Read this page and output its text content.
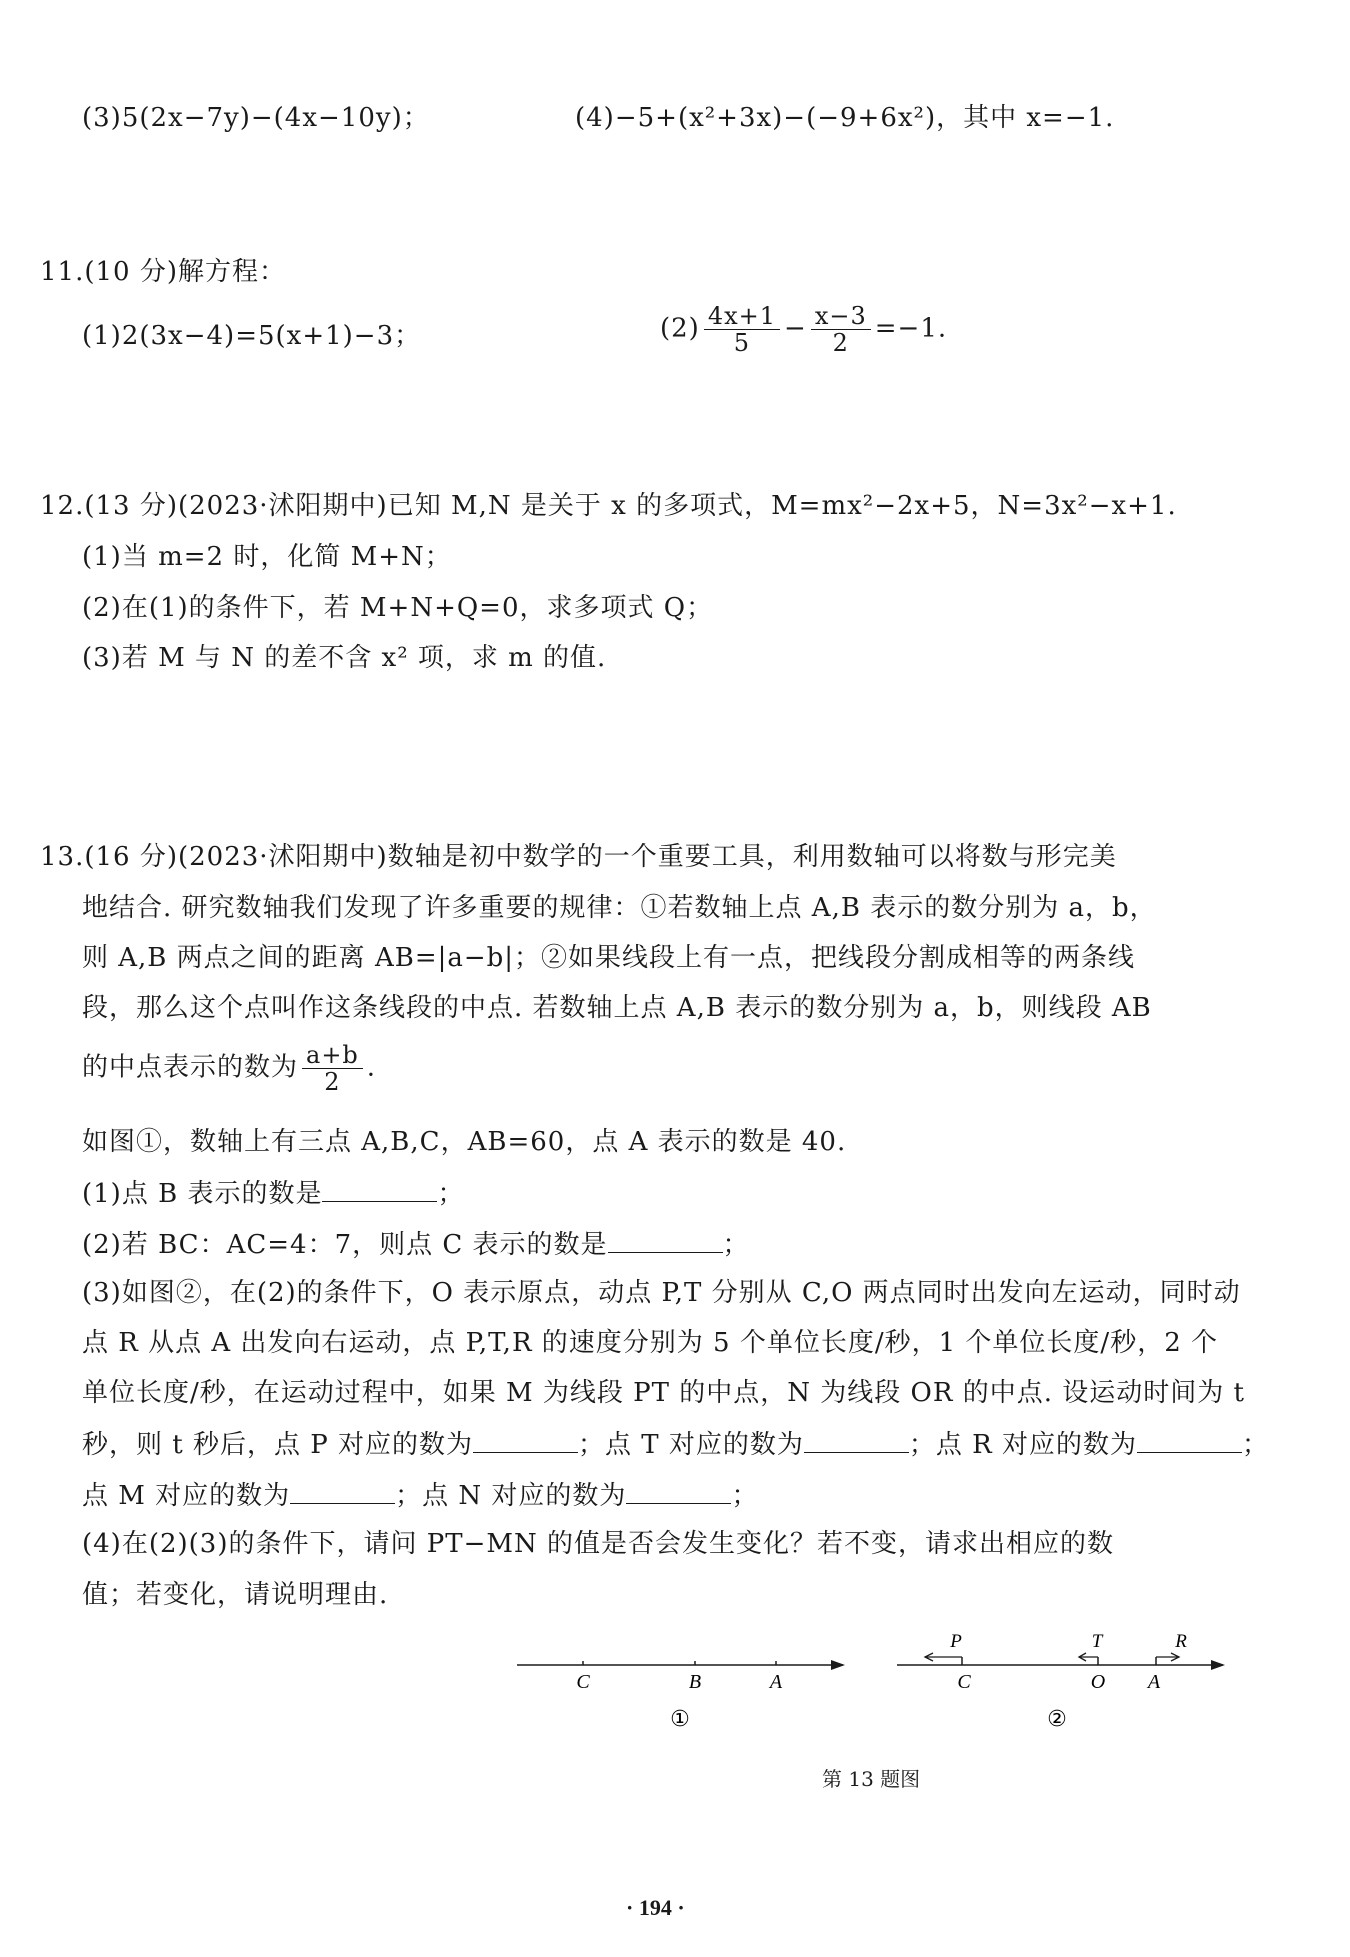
(3)5(2x−7y)−(4x−10y)；	(4)−5+(x²+3x)−(−9+6x²)，其中 x=−1.
11.(10 分)解方程：
(1)2(3x−4)=5(x+1)−3；	$(2) \frac{4x+1}{5} - \frac{x-3}{2} =-1$.
12.(13 分)(2023·沭阳期中)已知 M,N 是关于 x 的多项式，M=mx²−2x+5，N=3x²−x+1.
(1)当 m=2 时，化简 M+N；
(2)在(1)的条件下，若 M+N+Q=0，求多项式 Q；
(3)若 M 与 N 的差不含 x² 项，求 m 的值.
13.(16 分)(2023·沭阳期中)数轴是初中数学的一个重要工具，利用数轴可以将数与形完美
地结合. 研究数轴我们发现了许多重要的规律：①若数轴上点 A,B 表示的数分别为 a，b，
则 A,B 两点之间的距离 AB=|a−b|；②如果线段上有一点，把线段分割成相等的两条线
段，那么这个点叫作这条线段的中点. 若数轴上点 A,B 表示的数分别为 a，b，则线段 AB
的中点表示的数为 $\frac{a+b}{2}$ .
如图①，数轴上有三点 A,B,C，AB=60，点 A 表示的数是 40.
(1)点 B 表示的数是	；
(2)若 BC：AC=4：7，则点 C 表示的数是	；
(3)如图②，在(2)的条件下，O 表示原点，动点 P,T 分别从 C,O 两点同时出发向左运动，同时动
点 R 从点 A 出发向右运动，点 P,T,R 的速度分别为 5 个单位长度/秒，1 个单位长度/秒，2 个
单位长度/秒，在运动过程中，如果 M 为线段 PT 的中点，N 为线段 OR 的中点. 设运动时间为 t
秒，则 t 秒后，点 P 对应的数为	；点 T 对应的数为	；点 R 对应的数为	；
点 M 对应的数为	；点 N 对应的数为	；
(4)在(2)(3)的条件下，请问 PT−MN 的值是否会发生变化？若不变，请求出相应的数
值；若变化，请说明理由.
C	B	A
①
P	T	R
C	O A
②
第 13 题图
· 194 ·
